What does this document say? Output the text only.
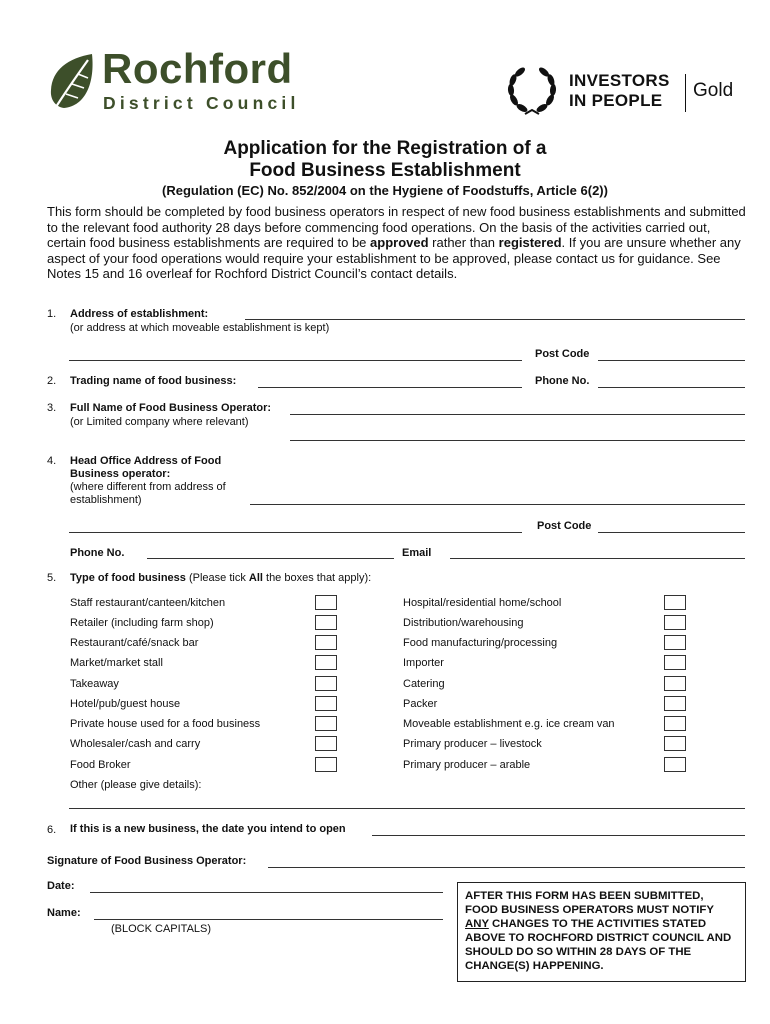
Rochford
District Council
INVESTORS
IN PEOPLE Gold
Application for the Registration of a
Food Business Establishment
(Regulation (EC) No. 852/2004 on the Hygiene of Foodstuffs, Article 6(2))
This form should be completed by food business operators in respect of new food business establishments and submitted to the relevant food authority 28 days before commencing food operations. On the basis of the activities carried out, certain food business establishments are required to be approved rather than registered. If you are unsure whether any aspect of your food operations would require your establishment to be approved, please contact us for guidance. See Notes 15 and 16 overleaf for Rochford District Council’s contact details.
1. Address of establishment:
(or address at which moveable establishment is kept)
Post Code
2. Trading name of food business:	Phone No.
3. Full Name of Food Business Operator:
(or Limited company where relevant)
4. Head Office Address of Food
Business operator:
(where different from address of
establishment)
Post Code
Phone No.	Email
5. Type of food business (Please tick All the boxes that apply):
Staff restaurant/canteen/kitchen
Retailer (including farm shop)
Restaurant/café/snack bar
Market/market stall
Takeaway
Hotel/pub/guest house
Private house used for a food business
Wholesaler/cash and carry
Food Broker
Hospital/residential home/school
Distribution/warehousing
Food manufacturing/processing
Importer
Catering
Packer
Moveable establishment e.g. ice cream van
Primary producer – livestock
Primary producer – arable
Other (please give details):
6. If this is a new business, the date you intend to open
Signature of Food Business Operator:
Date:
Name:
(BLOCK CAPITALS)
AFTER THIS FORM HAS BEEN SUBMITTED, FOOD BUSINESS OPERATORS MUST NOTIFY ANY CHANGES TO THE ACTIVITIES STATED ABOVE TO ROCHFORD DISTRICT COUNCIL AND SHOULD DO SO WITHIN 28 DAYS OF THE CHANGE(S) HAPPENING.
